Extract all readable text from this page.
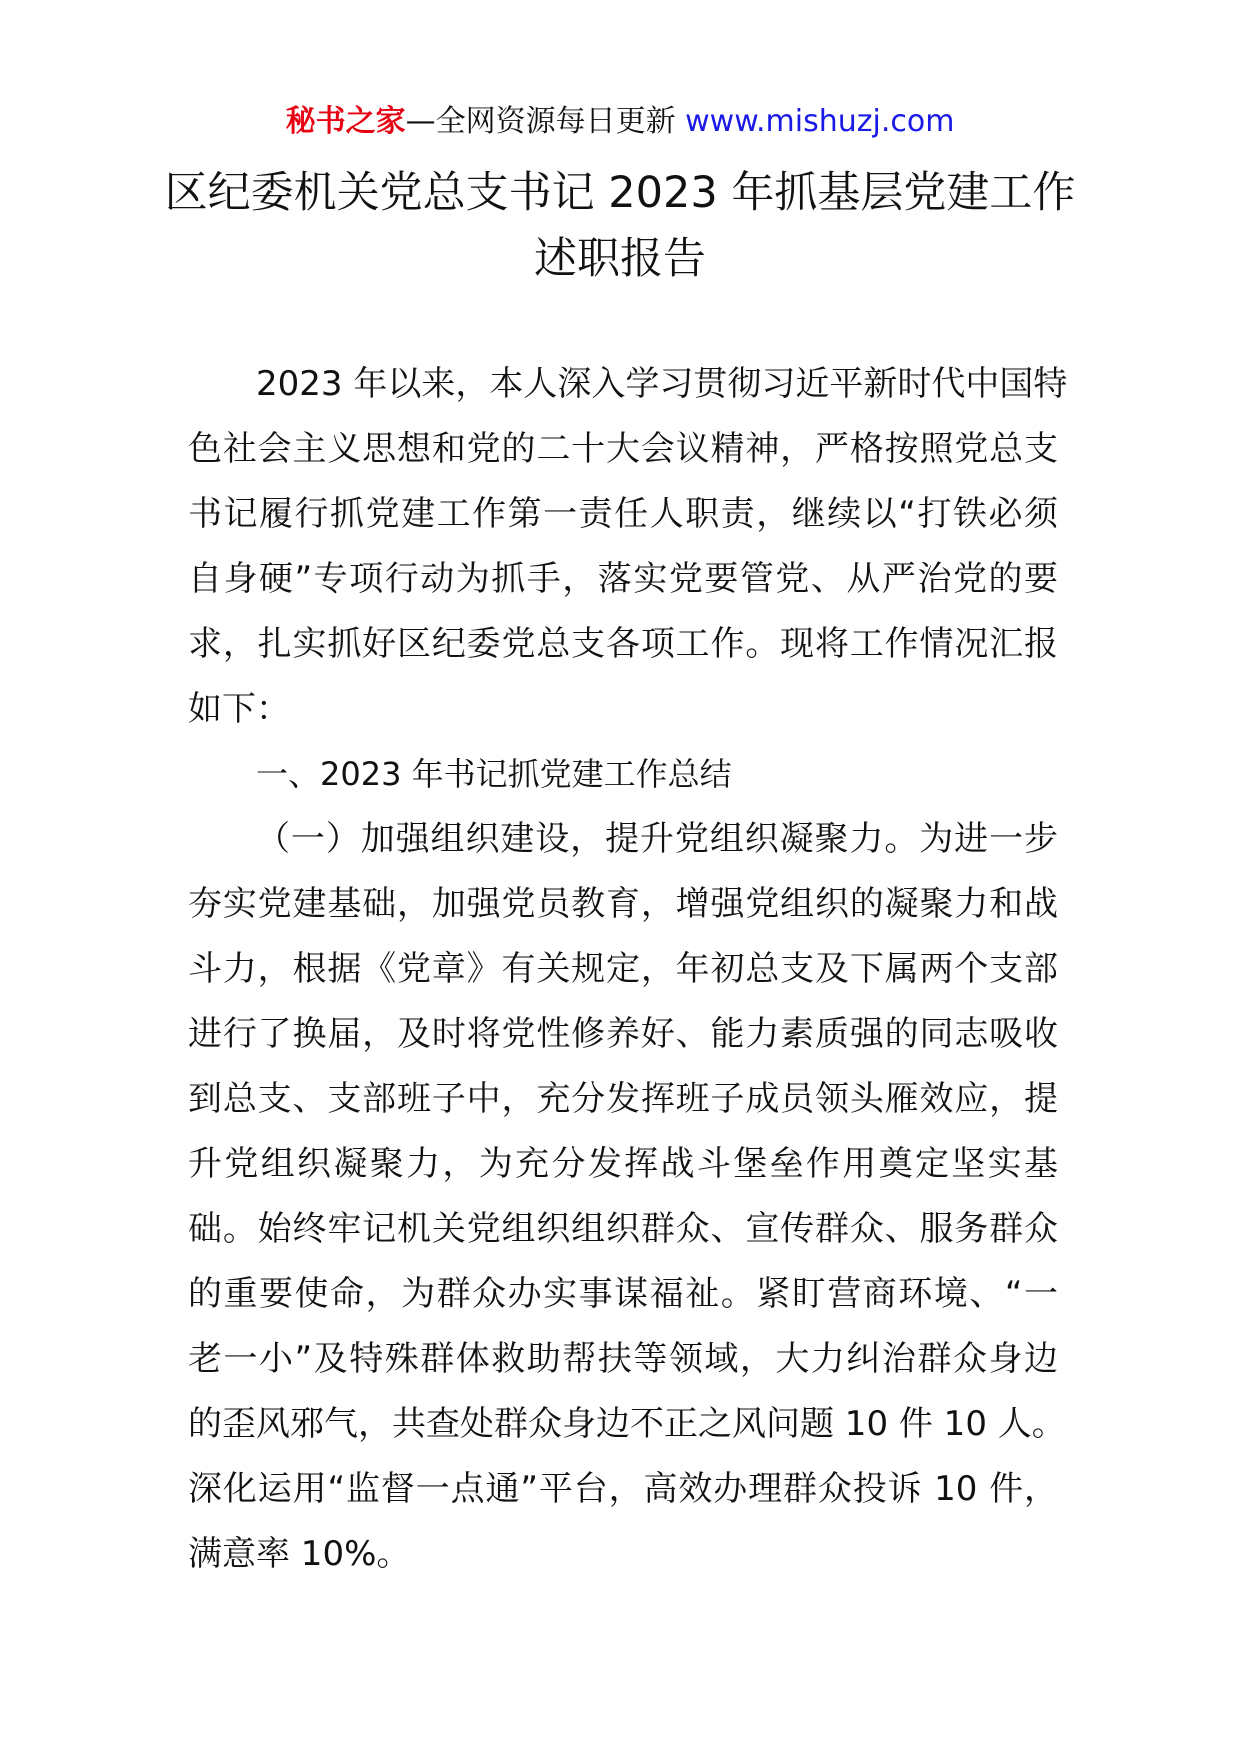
秘书之家—全网资源每日更新 www.mishuzj.com
区纪委机关党总支书记 2023 年抓基层党建工作
述职报告
2023 年以来，本人深入学习贯彻习近平新时代中国特
色社会主义思想和党的二十大会议精神，严格按照党总支
书记履行抓党建工作第一责任人职责，继续以“打铁必须
自身硬”专项行动为抓手，落实党要管党、从严治党的要
求，扎实抓好区纪委党总支各项工作。现将工作情况汇报
如下：
一、2023 年书记抓党建工作总结
（一）加强组织建设，提升党组织凝聚力。为进一步
夯实党建基础，加强党员教育，增强党组织的凝聚力和战
斗力，根据《党章》有关规定，年初总支及下属两个支部
进行了换届，及时将党性修养好、能力素质强的同志吸收
到总支、支部班子中，充分发挥班子成员领头雁效应，提
升党组织凝聚力，为充分发挥战斗堡垒作用奠定坚实基
础。始终牢记机关党组织组织群众、宣传群众、服务群众
的重要使命，为群众办实事谋福祉。紧盯营商环境、“一
老一小”及特殊群体救助帮扶等领域，大力纠治群众身边
的歪风邪气，共查处群众身边不正之风问题 10 件 10 人。
深化运用“监督一点通”平台，高效办理群众投诉 10 件，
满意率 10%。
